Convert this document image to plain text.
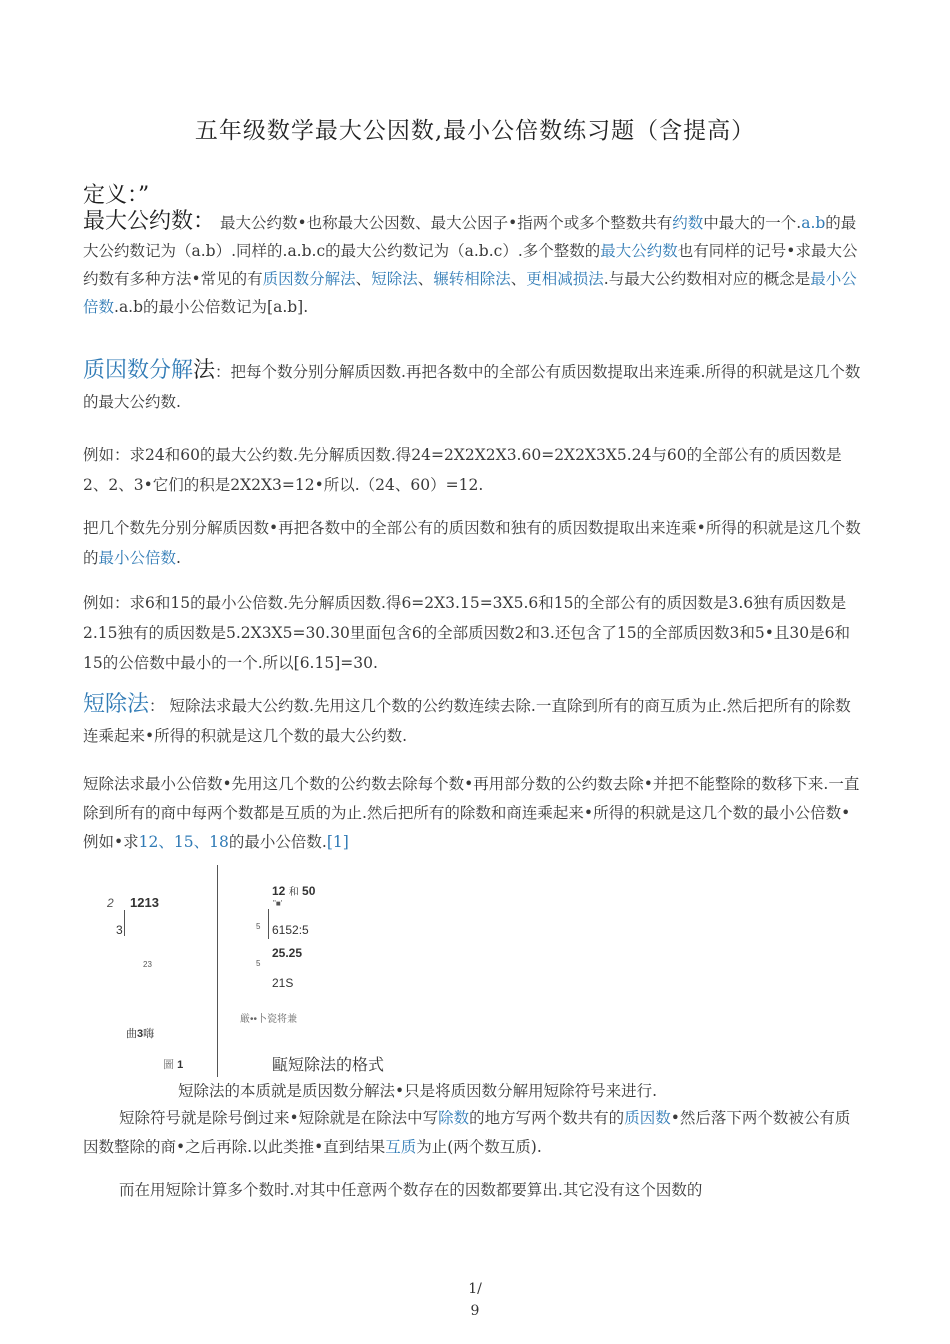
五年级数学最大公因数,最小公倍数练习题（含提高）
定义：”
最大公约数： 最大公约数•也称最大公因数、最大公因子•指两个或多个整数共有约数中最大的一个.a.b的最大公约数记为（a.b）.同样的.a.b.c的最大公约数记为（a.b.c）.多个整数的最大公约数也有同样的记号•求最大公约数有多种方法•常见的有质因数分解法、短除法、辗转相除法、更相减损法.与最大公约数相对应的概念是最小公倍数.a.b的最小公倍数记为[a.b].
质因数分解法：把每个数分别分解质因数.再把各数中的全部公有质因数提取出来连乘.所得的积就是这几个数的最大公约数.
例如：求24和60的最大公约数.先分解质因数.得24=2X2X2X3.60=2X2X3X5.24与60的全部公有的质因数是2、2、3•它们的积是2X2X3=12•所以.（24、60）=12.
把几个数先分别分解质因数•再把各数中的全部公有的质因数和独有的质因数提取出来连乘•所得的积就是这几个数的最小公倍数.
例如：求6和15的最小公倍数.先分解质因数.得6=2X3.15=3X5.6和15的全部公有的质因数是3.6独有质因数是2.15独有的质因数是5.2X3X5=30.30里面包含6的全部质因数2和3.还包含了15的全部质因数3和5•且30是6和15的公倍数中最小的一个.所以[6.15]=30.
短除法： 短除法求最大公约数.先用这几个数的公约数连续去除.一直除到所有的商互质为止.然后把所有的除数连乘起来•所得的积就是这几个数的最大公约数.
短除法求最小公倍数•先用这几个数的公约数去除每个数•再用部分数的公约数去除•并把不能整除的数移下来.一直除到所有的商中每两个数都是互质的为止.然后把所有的除数和商连乘起来•所得的积就是这几个数的最小公倍数•例如•求12、15、18的最小公倍数.[1]
2 1213
3
23
曲3嗨
圖 1
12 和 50
"■'
5 6152:5
25.25
5
21S
厳••卜瓷将兼
甌短除法的格式
短除法的本质就是质因数分解法•只是将质因数分解用短除符号来进行.
短除符号就是除号倒过来•短除就是在除法中写除数的地方写两个数共有的质因数•然后落下两个数被公有质因数整除的商•之后再除.以此类推•直到结果互质为止(两个数互质).
而在用短除计算多个数时.对其中任意两个数存在的因数都要算出.其它没有这个因数的
1/
9
